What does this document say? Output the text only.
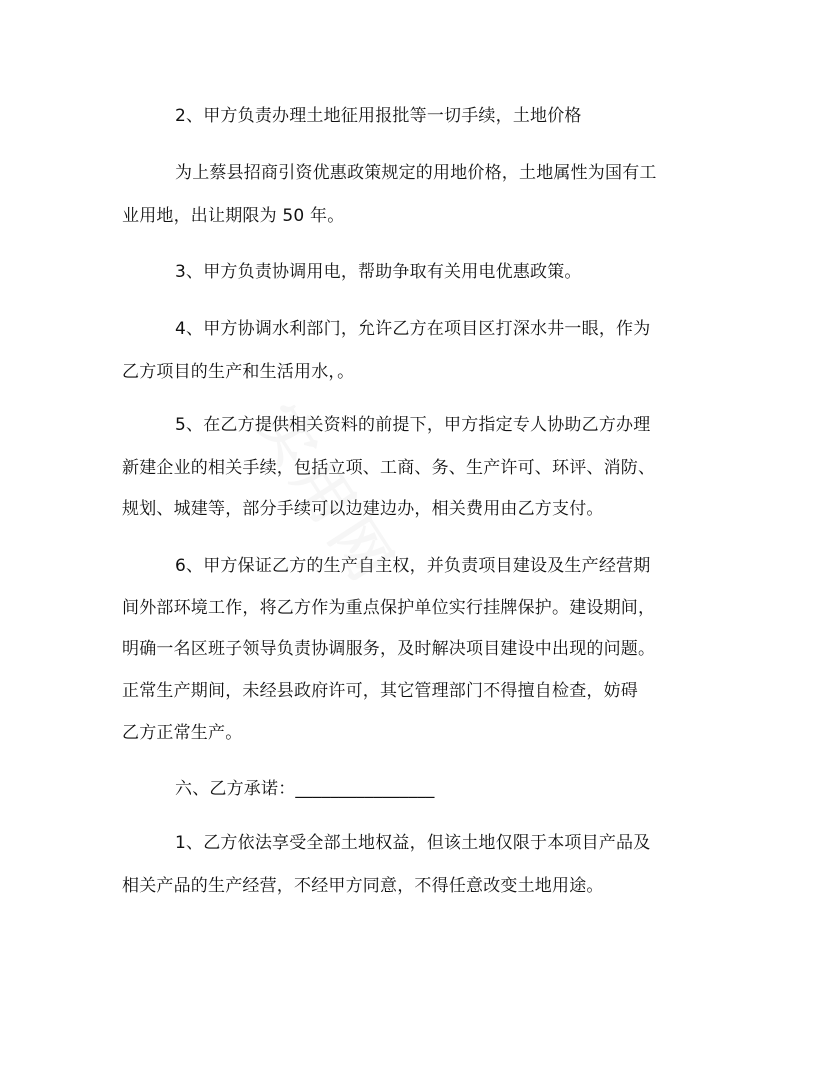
2、甲方负责办理土地征用报批等一切手续，土地价格
为上蔡县招商引资优惠政策规定的用地价格，土地属性为国有工
业用地，出让期限为 50 年。
3、甲方负责协调用电，帮助争取有关用电优惠政策。
4、甲方协调水利部门，允许乙方在项目区打深水井一眼，作为
乙方项目的生产和生活用水，。
5、在乙方提供相关资料的前提下，甲方指定专人协助乙方办理
新建企业的相关手续，包括立项、工商、务、生产许可、环评、消防、
规划、城建等，部分手续可以边建边办，相关费用由乙方支付。
6、甲方保证乙方的生产自主权，并负责项目建设及生产经营期
间外部环境工作，将乙方作为重点保护单位实行挂牌保护。建设期间，
明确一名区班子领导负责协调服务，及时解决项目建设中出现的问题。
正常生产期间，未经县政府许可，其它管理部门不得擅自检查，妨碍
乙方正常生产。
六、乙方承诺：________________
1、乙方依法享受全部土地权益，但该土地仅限于本项目产品及
相关产品的生产经营，不经甲方同意，不得任意改变土地用途。
